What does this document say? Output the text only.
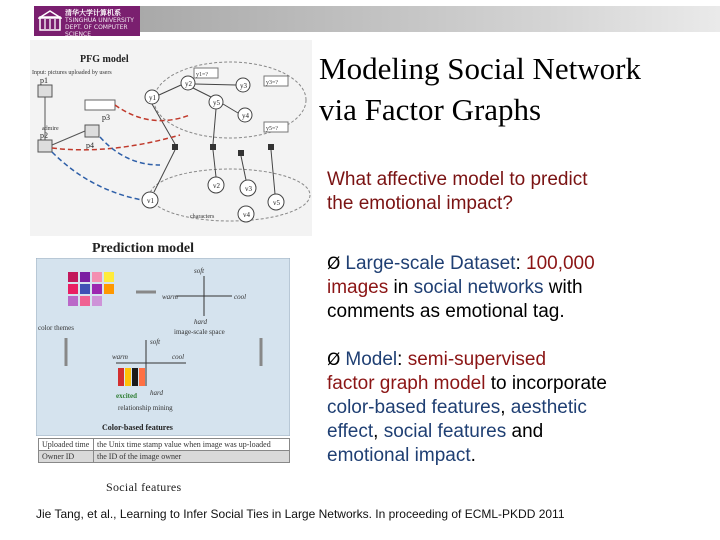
清华大学计算机系
TSINGHUA UNIVERSITY
DEPT. OF COMPUTER SCIENCE
Modeling Social Network
via Factor Graphs
PFG model
Input: pictures uploaded by users
p1
p2
p3
p4
admire
y1
y2	y3
y4
y5
y1=?
y3=?
y5=?
v1
v2	v3
v4
v5
characters
Prediction model
color themes
soft
warm	cool
hard
image-scale space
soft
warm	cool
hard
excited
relationship mining
Color-based features
Uploaded time	the Unix time stamp value when image was up-loaded
Owner ID	the ID of the image owner
Social features
What affective model to predict
the emotional impact?
Ø Large-scale Dataset: 100,000
images in social networks with
comments as emotional tag.
Ø Model: semi-supervised
factor graph model to incorporate
color-based features, aesthetic
effect, social features and
emotional impact.
Jie Tang, et al., Learning to Infer Social Ties in Large Networks. In proceeding of ECML-PKDD 2011
